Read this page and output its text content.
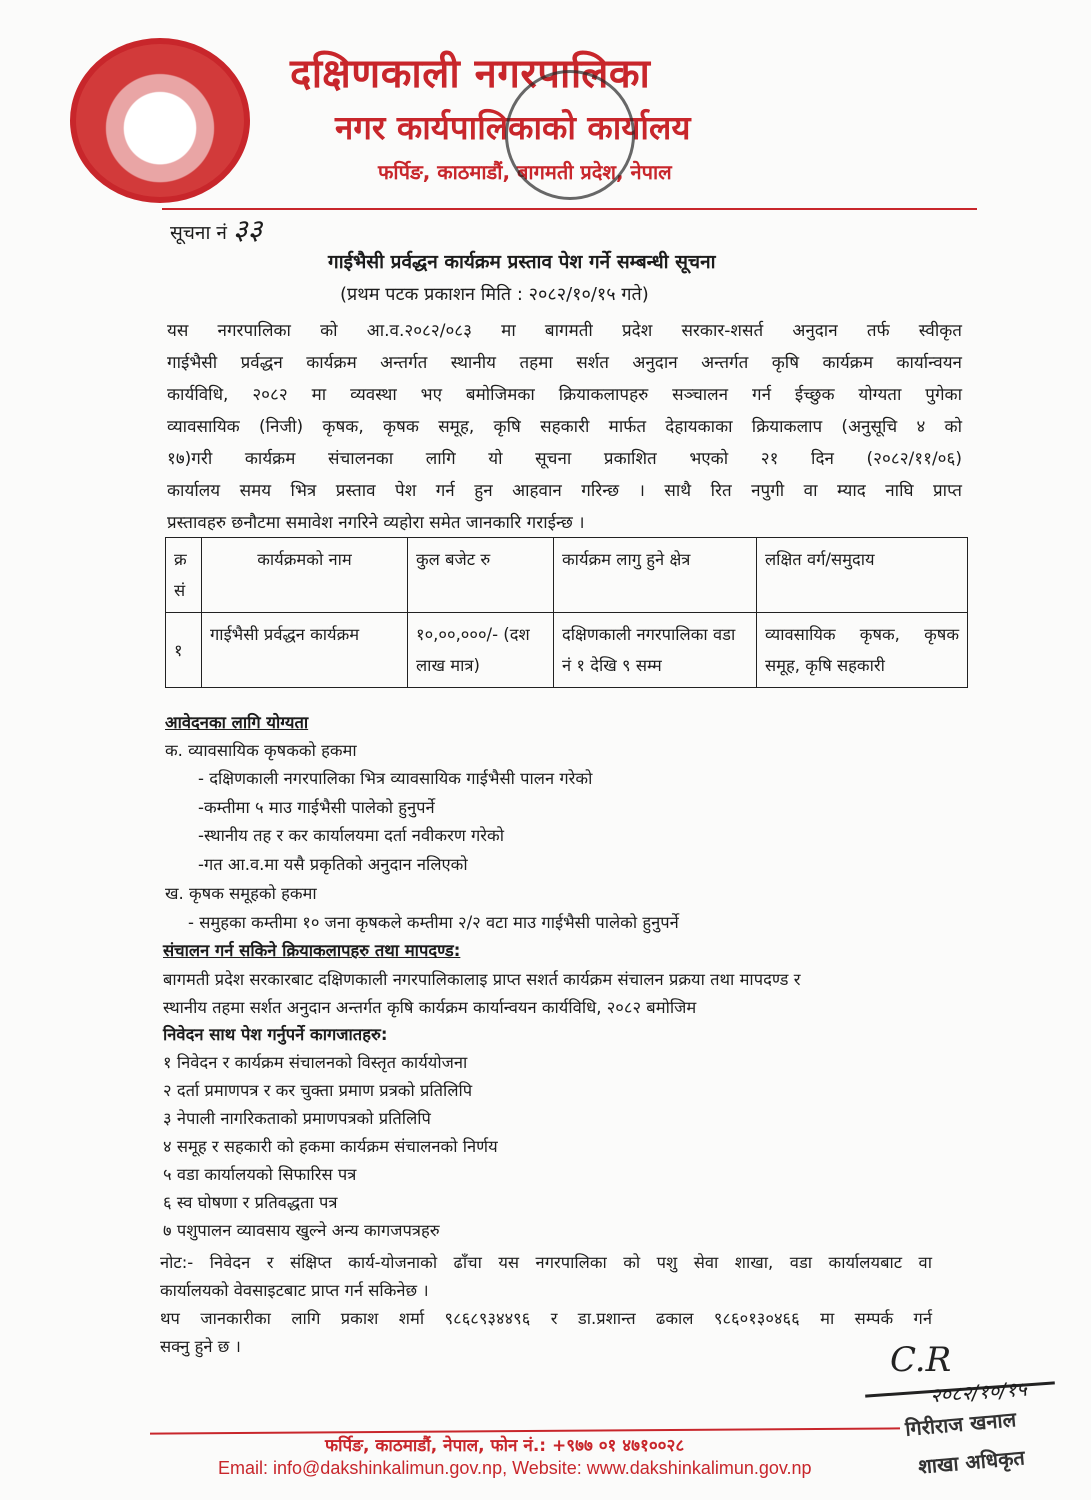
दक्षिणकाली नगरपालिका
नगर कार्यपालिकाको कार्यालय
फर्पिङ, काठमाडौं, बागमती प्रदेश, नेपाल
सूचना नं ३३
गाईभैसी प्रर्वद्धन कार्यक्रम प्रस्ताव पेश गर्ने सम्बन्धी सूचना
(प्रथम पटक प्रकाशन मिति : २०८२/१०/१५ गते)
यस नगरपालिका को आ.व.२०८२/०८३ मा बागमती प्रदेश सरकार-शसर्त अनुदान तर्फ स्वीकृत
गाईभैसी प्रर्वद्धन कार्यक्रम अन्तर्गत स्थानीय तहमा सर्शत अनुदान अन्तर्गत कृषि कार्यक्रम कार्यान्वयन
कार्यविधि, २०८२ मा व्यवस्था भए बमोजिमका क्रियाकलापहरु सञ्चालन गर्न ईच्छुक योग्यता पुगेका
व्यावसायिक (निजी) कृषक, कृषक समूह, कृषि सहकारी मार्फत देहायकाका क्रियाकलाप (अनुसूचि ४ को
१७)गरी कार्यक्रम संचालनका लागि यो सूचना प्रकाशित भएको २१ दिन (२०८२/११/०६)
कार्यालय समय भित्र प्रस्ताव पेश गर्न हुन आहवान गरिन्छ । साथै रित नपुगी वा म्याद नाघि प्राप्त
प्रस्तावहरु छनौटमा समावेश नगरिने व्यहोरा समेत जानकारि गराईन्छ ।
क्र सं	कार्यक्रमको नाम	कुल बजेट रु	कार्यक्रम लागु हुने क्षेत्र	लक्षित वर्ग/समुदाय
१	गाईभैसी प्रर्वद्धन कार्यक्रम	१०,००,०००/- (दश लाख मात्र)	दक्षिणकाली नगरपालिका वडा नं १ देखि ९ सम्म	व्यावसायिक कृषक, कृषक समूह, कृषि सहकारी
आवेदनका लागि योग्यता
क. व्यावसायिक कृषकको हकमा
- दक्षिणकाली नगरपालिका भित्र व्यावसायिक गाईभैसी पालन गरेको
-कम्तीमा ५ माउ गाईभैसी पालेको हुनुपर्ने
-स्थानीय तह र कर कार्यालयमा दर्ता नवीकरण गरेको
-गत आ.व.मा यसै प्रकृतिको अनुदान नलिएको
ख. कृषक समूहको हकमा
- समुहका कम्तीमा १० जना कृषकले कम्तीमा २/२ वटा माउ गाईभैसी पालेको हुनुपर्ने
संचालन गर्न सकिने क्रियाकलापहरु तथा मापदण्ड:
बागमती प्रदेश सरकारबाट दक्षिणकाली नगरपालिकालाइ प्राप्त सशर्त कार्यक्रम संचालन प्रक्रया तथा मापदण्ड र
स्थानीय तहमा सर्शत अनुदान अन्तर्गत कृषि कार्यक्रम कार्यान्वयन कार्यविधि, २०८२ बमोजिम
निवेदन साथ पेश गर्नुपर्ने कागजातहरु:
१ निवेदन र कार्यक्रम संचालनको विस्तृत कार्ययोजना
२ दर्ता प्रमाणपत्र र कर चुक्ता प्रमाण प्रत्रको प्रतिलिपि
३ नेपाली नागरिकताको प्रमाणपत्रको प्रतिलिपि
४ समूह र सहकारी को हकमा कार्यक्रम संचालनको निर्णय
५ वडा कार्यालयको सिफारिस पत्र
६ स्व घोषणा र प्रतिवद्धता पत्र
७ पशुपालन व्यावसाय खुल्ने अन्य कागजपत्रहरु
नोट:- निवेदन र संक्षिप्त कार्य-योजनाको ढाँचा यस नगरपालिका को पशु सेवा शाखा, वडा कार्यालयबाट वा
कार्यालयको वेवसाइटबाट प्राप्त गर्न सकिनेछ ।
थप जानकारीका लागि प्रकाश शर्मा ९८६८९३४४९६ र डा.प्रशान्त ढकाल ९८६०१३०४६६ मा सम्पर्क गर्न
सक्नु हुने छ ।	C.R
२०८२/१०/१५
गिरीराज खनाल
शाखा अधिकृत
फर्पिङ, काठमाडौं, नेपाल, फोन नं.: +९७७ ०१ ४७१००२८
Email: info@dakshinkalimun.gov.np, Website: www.dakshinkalimun.gov.np
